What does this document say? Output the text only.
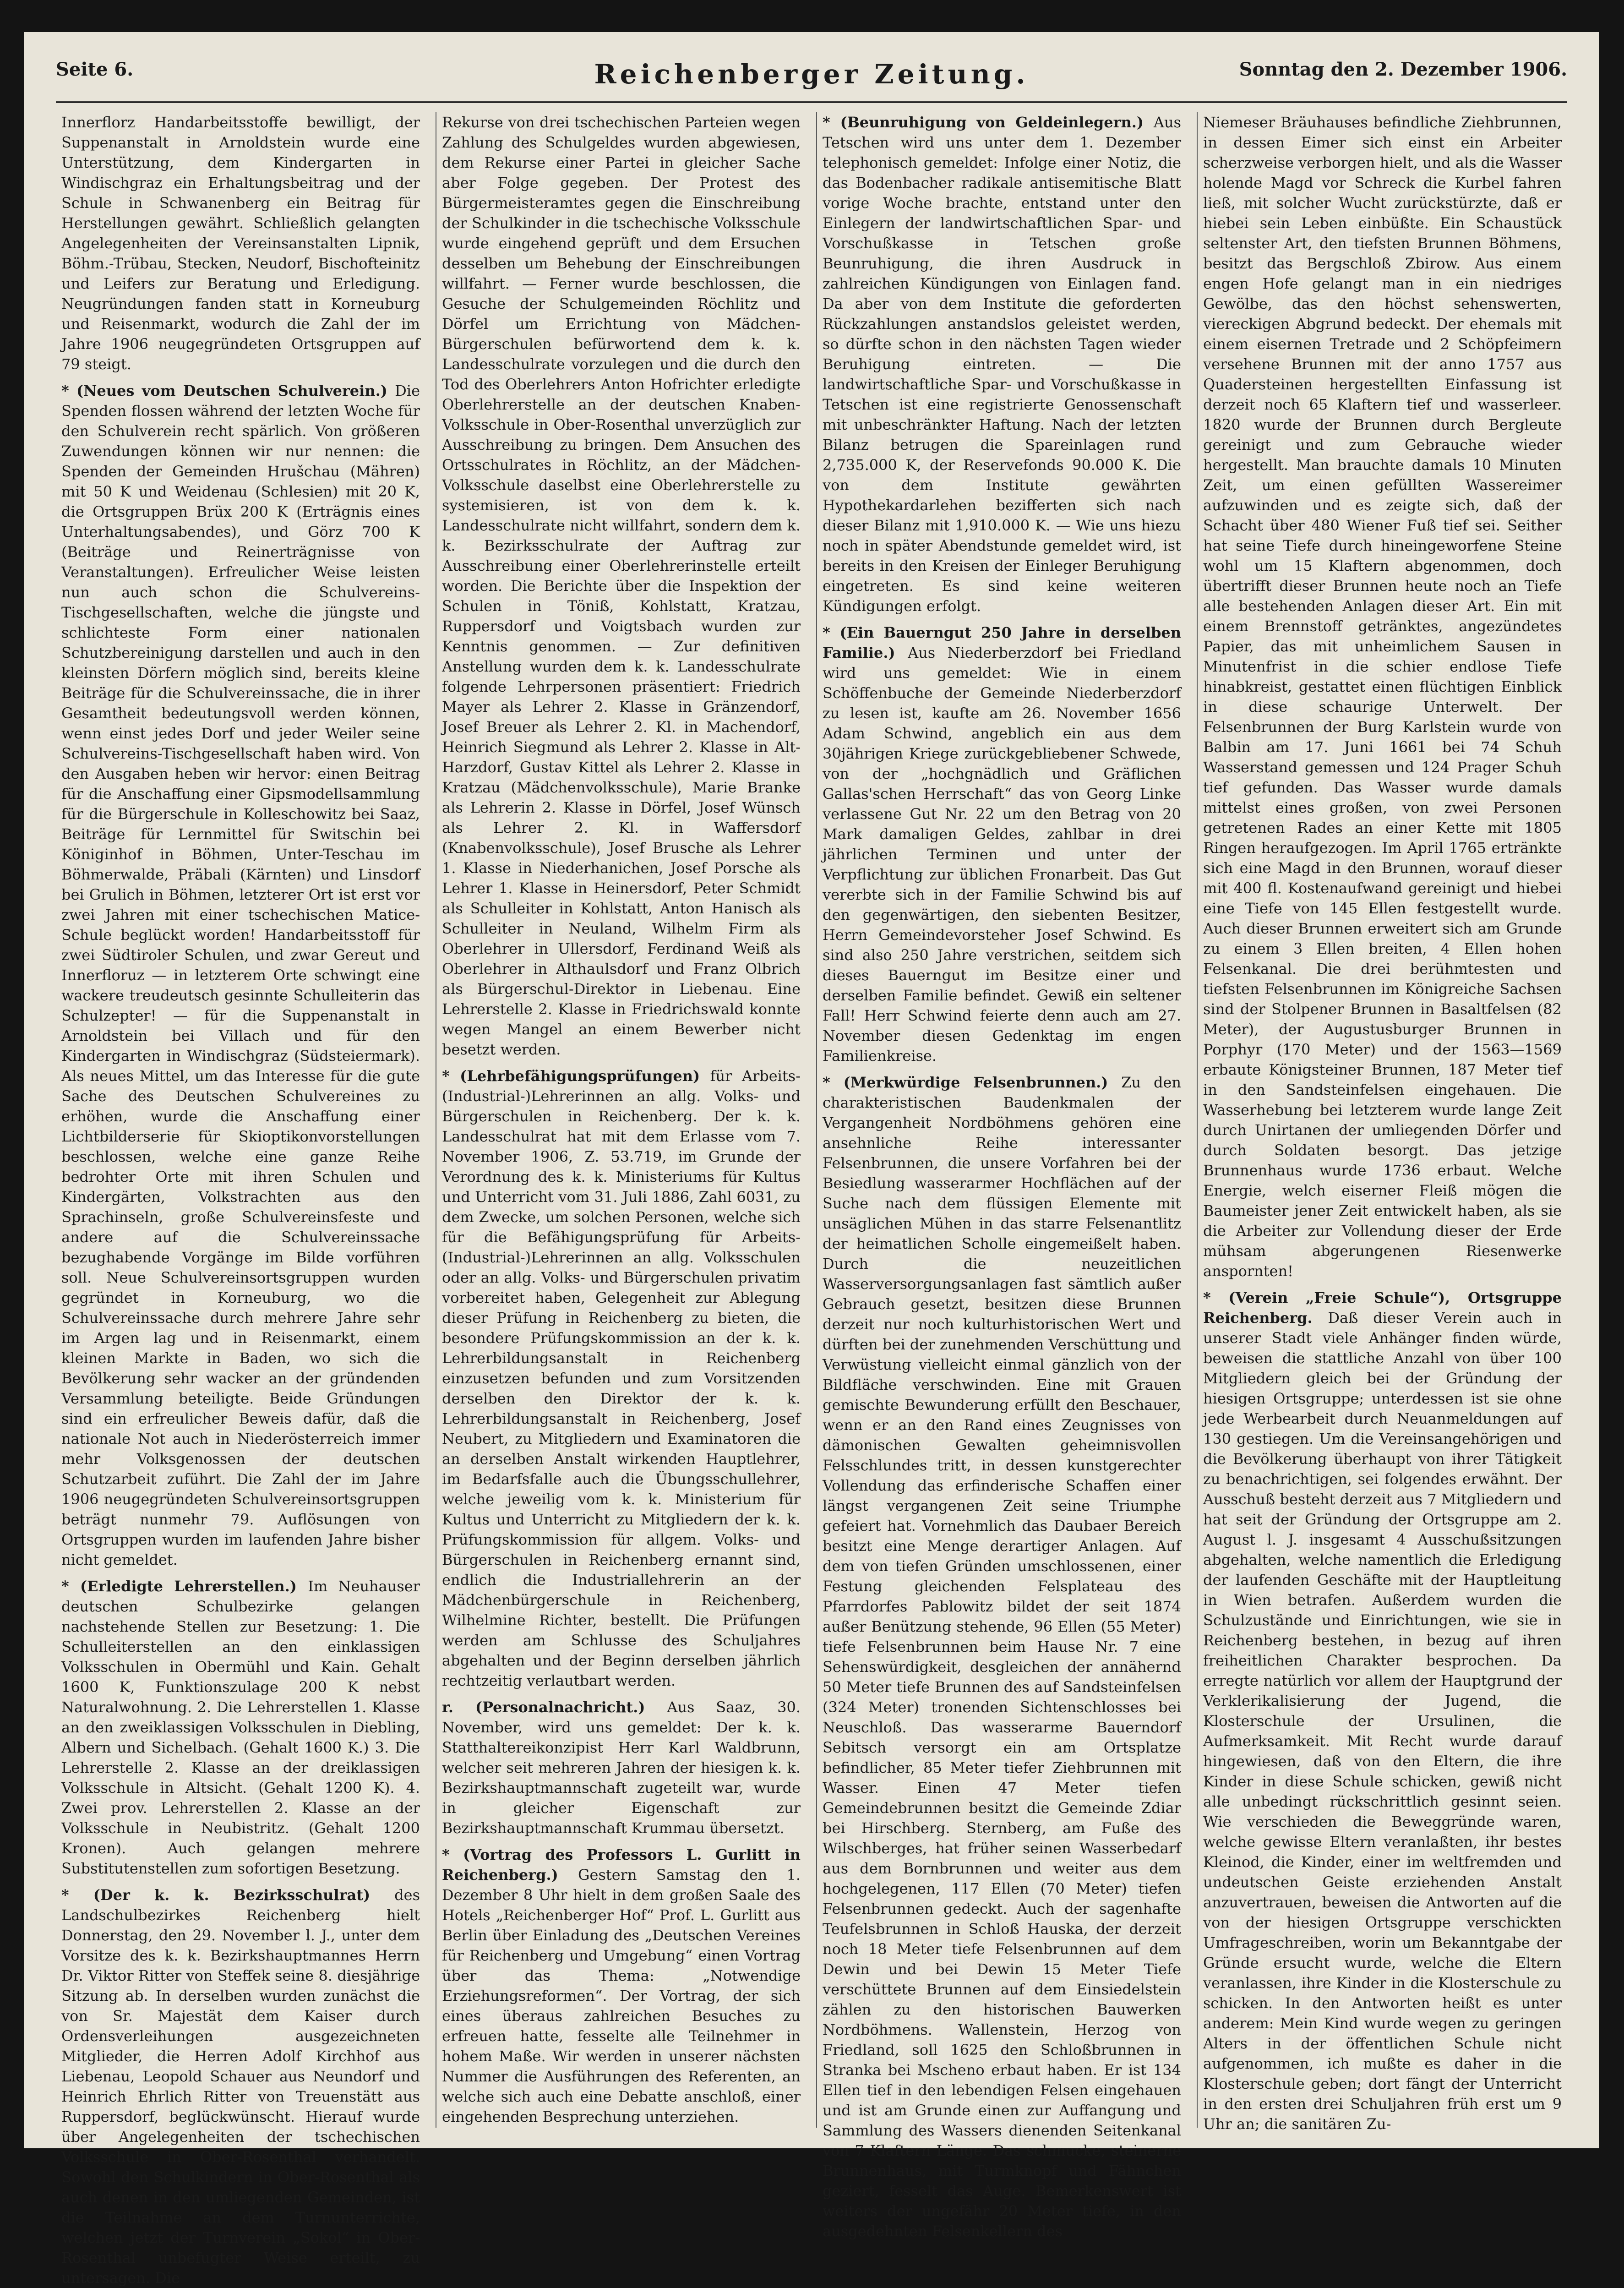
Seite 6.	Reichenberger Zeitung.	Sonntag den 2. Dezember 1906.

Innerflorz Handarbeitsstoffe bewilligt, der Suppenanstalt in Arnoldstein wurde eine Unterstützung, dem Kindergarten in Windischgraz ein Erhaltungsbeitrag und der Schule in Schwanenberg ein Beitrag für Herstellungen gewährt. Schließlich gelangten Angelegenheiten der Vereinsanstalten Lipnik, Böhm.-Trübau, Stecken, Neudorf, Bischofteinitz und Leifers zur Beratung und Erledigung. Neugründungen fanden statt in Korneuburg und Reisenmarkt, wodurch die Zahl der im Jahre 1906 neugegründeten Ortsgruppen auf 79 steigt.

* (Neues vom Deutschen Schulverein.) Die Spenden flossen während der letzten Woche für den Schulverein recht spärlich. Von größeren Zuwendungen können wir nur nennen: die Spenden der Gemeinden Hrušchau (Mähren) mit 50 K und Weidenau (Schlesien) mit 20 K, die Ortsgruppen Brüx 200 K (Erträgnis eines Unterhaltungsabendes), und Görz 700 K (Beiträge und Reinerträgnisse von Veranstaltungen). Erfreulicher Weise leisten nun auch schon die Schulvereins-Tischgesellschaften, welche die jüngste und schlichteste Form einer nationalen Schutzbereinigung darstellen und auch in den kleinsten Dörfern möglich sind, bereits kleine Beiträge für die Schulvereinssache, die in ihrer Gesamtheit bedeutungsvoll werden können, wenn einst jedes Dorf und jeder Weiler seine Schulvereins-Tischgesellschaft haben wird. Von den Ausgaben heben wir hervor: einen Beitrag für die Anschaffung einer Gipsmodellsammlung für die Bürgerschule in Kolleschowitz bei Saaz, Beiträge für Lernmittel für Switschin bei Königinhof in Böhmen, Unter-Teschau im Böhmerwalde, Präbali (Kärnten) und Linsdorf bei Grulich in Böhmen, letzterer Ort ist erst vor zwei Jahren mit einer tschechischen Matice-Schule beglückt worden! Handarbeitsstoff für zwei Südtiroler Schulen, und zwar Gereut und Innerfloruz — in letzterem Orte schwingt eine wackere treudeutsch gesinnte Schulleiterin das Schulzepter! — für die Suppenanstalt in Arnoldstein bei Villach und für den Kindergarten in Windischgraz (Südsteiermark). Als neues Mittel, um das Interesse für die gute Sache des Deutschen Schulvereines zu erhöhen, wurde die Anschaffung einer Lichtbilderserie für Skioptikonvorstellungen beschlossen, welche eine ganze Reihe bedrohter Orte mit ihren Schulen und Kindergärten, Volkstrachten aus den Sprachinseln, große Schulvereinsfeste und andere auf die Schulvereinssache bezughabende Vorgänge im Bilde vorführen soll. Neue Schulvereinsortsgruppen wurden gegründet in Korneuburg, wo die Schulvereinssache durch mehrere Jahre sehr im Argen lag und in Reisenmarkt, einem kleinen Markte in Baden, wo sich die Bevölkerung sehr wacker an der gründenden Versammlung beteiligte. Beide Gründungen sind ein erfreulicher Beweis dafür, daß die nationale Not auch in Niederösterreich immer mehr Volksgenossen der deutschen Schutzarbeit zuführt. Die Zahl der im Jahre 1906 neugegründeten Schulvereinsortsgruppen beträgt nunmehr 79. Auflösungen von Ortsgruppen wurden im laufenden Jahre bisher nicht gemeldet.

* (Erledigte Lehrerstellen.) Im Neuhauser deutschen Schulbezirke gelangen nachstehende Stellen zur Besetzung: 1. Die Schulleiterstellen an den einklassigen Volksschulen in Obermühl und Kain. Gehalt 1600 K, Funktionszulage 200 K nebst Naturalwohnung. 2. Die Lehrerstellen 1. Klasse an den zweiklassigen Volksschulen in Diebling, Albern und Sichelbach. (Gehalt 1600 K.) 3. Die Lehrerstelle 2. Klasse an der dreiklassigen Volksschule in Altsicht. (Gehalt 1200 K). 4. Zwei prov. Lehrerstellen 2. Klasse an der Volksschule in Neubistritz. (Gehalt 1200 Kronen). Auch gelangen mehrere Substitutenstellen zum sofortigen Besetzung.

* (Der k. k. Bezirksschulrat) des Landschulbezirkes Reichenberg hielt Donnerstag, den 29. November l. J., unter dem Vorsitze des k. k. Bezirkshauptmannes Herrn Dr. Viktor Ritter von Steffek seine 8. diesjährige Sitzung ab. In derselben wurden zunächst die von Sr. Majestät dem Kaiser durch Ordensverleihungen ausgezeichneten Mitglieder, die Herren Adolf Kirchhof aus Liebenau, Leopold Schauer aus Neundorf und Heinrich Ehrlich Ritter von Treuenstätt aus Ruppersdorf, beglückwünscht. Hierauf wurde über Angelegenheiten der tschechischen Volksschule in Ober-Rosenthal verhandelt. Sowohl den Schulkindern in Ober-Rosenthal als auch denen in den umliegenden Gemeinden, ist die Teilnahme an dem Turnunterrichte, welchen jetzt der Turnverein „Sokol“ in Ober-Rosenthal unbefugter Weise erteilt, zu untersagen. Die

Rekurse von drei tschechischen Parteien wegen Zahlung des Schulgeldes wurden abgewiesen, dem Rekurse einer Partei in gleicher Sache aber Folge gegeben. Der Protest des Bürgermeisteramtes gegen die Einschreibung der Schulkinder in die tschechische Volksschule wurde eingehend geprüft und dem Ersuchen desselben um Behebung der Einschreibungen willfahrt. — Ferner wurde beschlossen, die Gesuche der Schulgemeinden Röchlitz und Dörfel um Errichtung von Mädchen-Bürgerschulen befürwortend dem k. k. Landesschulrate vorzulegen und die durch den Tod des Oberlehrers Anton Hofrichter erledigte Oberlehrerstelle an der deutschen Knaben-Volksschule in Ober-Rosenthal unverzüglich zur Ausschreibung zu bringen. Dem Ansuchen des Ortsschulrates in Röchlitz, an der Mädchen-Volksschule daselbst eine Oberlehrerstelle zu systemisieren, ist von dem k. k. Landesschulrate nicht willfahrt, sondern dem k. k. Bezirksschulrate der Auftrag zur Ausschreibung einer Oberlehrerinstelle erteilt worden. Die Berichte über die Inspektion der Schulen in Töniß, Kohlstatt, Kratzau, Ruppersdorf und Voigtsbach wurden zur Kenntnis genommen. — Zur definitiven Anstellung wurden dem k. k. Landesschulrate folgende Lehrpersonen präsentiert: Friedrich Mayer als Lehrer 2. Klasse in Gränzendorf, Josef Breuer als Lehrer 2. Kl. in Machendorf, Heinrich Siegmund als Lehrer 2. Klasse in Alt-Harzdorf, Gustav Kittel als Lehrer 2. Klasse in Kratzau (Mädchenvolksschule), Marie Branke als Lehrerin 2. Klasse in Dörfel, Josef Wünsch als Lehrer 2. Kl. in Waffersdorf (Knabenvolksschule), Josef Brusche als Lehrer 1. Klasse in Niederhanichen, Josef Porsche als Lehrer 1. Klasse in Heinersdorf, Peter Schmidt als Schulleiter in Kohlstatt, Anton Hanisch als Schulleiter in Neuland, Wilhelm Firm als Oberlehrer in Ullersdorf, Ferdinand Weiß als Oberlehrer in Althaulsdorf und Franz Olbrich als Bürgerschul-Direktor in Liebenau. Eine Lehrerstelle 2. Klasse in Friedrichswald konnte wegen Mangel an einem Bewerber nicht besetzt werden.

* (Lehrbefähigungsprüfungen) für Arbeits-(Industrial-)Lehrerinnen an allg. Volks- und Bürgerschulen in Reichenberg. Der k. k. Landesschulrat hat mit dem Erlasse vom 7. November 1906, Z. 53.719, im Grunde der Verordnung des k. k. Ministeriums für Kultus und Unterricht vom 31. Juli 1886, Zahl 6031, zu dem Zwecke, um solchen Personen, welche sich für die Befähigungsprüfung für Arbeits-(Industrial-)Lehrerinnen an allg. Volksschulen oder an allg. Volks- und Bürgerschulen privatim vorbereitet haben, Gelegenheit zur Ablegung dieser Prüfung in Reichenberg zu bieten, die besondere Prüfungskommission an der k. k. Lehrerbildungsanstalt in Reichenberg einzusetzen befunden und zum Vorsitzenden derselben den Direktor der k. k. Lehrerbildungsanstalt in Reichenberg, Josef Neubert, zu Mitgliedern und Examinatoren die an derselben Anstalt wirkenden Hauptlehrer, im Bedarfsfalle auch die Übungsschullehrer, welche jeweilig vom k. k. Ministerium für Kultus und Unterricht zu Mitgliedern der k. k. Prüfungskommission für allgem. Volks- und Bürgerschulen in Reichenberg ernannt sind, endlich die Industriallehrerin an der Mädchenbürgerschule in Reichenberg, Wilhelmine Richter, bestellt. Die Prüfungen werden am Schlusse des Schuljahres abgehalten und der Beginn derselben jährlich rechtzeitig verlautbart werden.

r. (Personalnachricht.) Aus Saaz, 30. November, wird uns gemeldet: Der k. k. Statthaltereikonzipist Herr Karl Waldbrunn, welcher seit mehreren Jahren der hiesigen k. k. Bezirkshauptmannschaft zugeteilt war, wurde in gleicher Eigenschaft zur Bezirkshauptmannschaft Krummau übersetzt.

* (Vortrag des Professors L. Gurlitt in Reichenberg.) Gestern Samstag den 1. Dezember 8 Uhr hielt in dem großen Saale des Hotels „Reichenberger Hof“ Prof. L. Gurlitt aus Berlin über Einladung des „Deutschen Vereines für Reichenberg und Umgebung“ einen Vortrag über das Thema: „Notwendige Erziehungsreformen“. Der Vortrag, der sich eines überaus zahlreichen Besuches zu erfreuen hatte, fesselte alle Teilnehmer in hohem Maße. Wir werden in unserer nächsten Nummer die Ausführungen des Referenten, an welche sich auch eine Debatte anschloß, einer eingehenden Besprechung unterziehen.

* (Beunruhigung von Geldeinlegern.) Aus Tetschen wird uns unter dem 1. Dezember telephonisch gemeldet: Infolge einer Notiz, die das Bodenbacher radikale antisemitische Blatt vorige Woche brachte, entstand unter den Einlegern der landwirtschaftlichen Spar- und Vorschußkasse in Tetschen große Beunruhigung, die ihren Ausdruck in zahlreichen Kündigungen von Einlagen fand. Da aber von dem Institute die geforderten Rückzahlungen anstandslos geleistet werden, so dürfte schon in den nächsten Tagen wieder Beruhigung eintreten. — Die landwirtschaftliche Spar- und Vorschußkasse in Tetschen ist eine registrierte Genossenschaft mit unbeschränkter Haftung. Nach der letzten Bilanz betrugen die Spareinlagen rund 2,735.000 K, der Reservefonds 90.000 K. Die von dem Institute gewährten Hypothekardarlehen bezifferten sich nach dieser Bilanz mit 1,910.000 K. — Wie uns hiezu noch in später Abendstunde gemeldet wird, ist bereits in den Kreisen der Einleger Beruhigung eingetreten. Es sind keine weiteren Kündigungen erfolgt.

* (Ein Bauerngut 250 Jahre in derselben Familie.) Aus Niederberzdorf bei Friedland wird uns gemeldet: Wie in einem Schöffenbuche der Gemeinde Niederberzdorf zu lesen ist, kaufte am 26. November 1656 Adam Schwind, angeblich ein aus dem 30jährigen Kriege zurückgebliebener Schwede, von der „hochgnädlich und Gräflichen Gallas'schen Herrschaft“ das von Georg Linke verlassene Gut Nr. 22 um den Betrag von 20 Mark damaligen Geldes, zahlbar in drei jährlichen Terminen und unter der Verpflichtung zur üblichen Fronarbeit. Das Gut vererbte sich in der Familie Schwind bis auf den gegenwärtigen, den siebenten Besitzer, Herrn Gemeindevorsteher Josef Schwind. Es sind also 250 Jahre verstrichen, seitdem sich dieses Bauerngut im Besitze einer und derselben Familie befindet. Gewiß ein seltener Fall! Herr Schwind feierte denn auch am 27. November diesen Gedenktag im engen Familienkreise.

* (Merkwürdige Felsenbrunnen.) Zu den charakteristischen Baudenkmalen der Vergangenheit Nordböhmens gehören eine ansehnliche Reihe interessanter Felsenbrunnen, die unsere Vorfahren bei der Besiedlung wasserarmer Hochflächen auf der Suche nach dem flüssigen Elemente mit unsäglichen Mühen in das starre Felsenantlitz der heimatlichen Scholle eingemeißelt haben. Durch die neuzeitlichen Wasserversorgungsanlagen fast sämtlich außer Gebrauch gesetzt, besitzen diese Brunnen derzeit nur noch kulturhistorischen Wert und dürften bei der zunehmenden Verschüttung und Verwüstung vielleicht einmal gänzlich von der Bildfläche verschwinden. Eine mit Grauen gemischte Bewunderung erfüllt den Beschauer, wenn er an den Rand eines Zeugnisses von dämonischen Gewalten geheimnisvollen Felsschlundes tritt, in dessen kunstgerechter Vollendung das erfinderische Schaffen einer längst vergangenen Zeit seine Triumphe gefeiert hat. Vornehmlich das Daubaer Bereich besitzt eine Menge derartiger Anlagen. Auf dem von tiefen Gründen umschlossenen, einer Festung gleichenden Felsplateau des Pfarrdorfes Pablowitz bildet der seit 1874 außer Benützung stehende, 96 Ellen (55 Meter) tiefe Felsenbrunnen beim Hause Nr. 7 eine Sehenswürdigkeit, desgleichen der annähernd 50 Meter tiefe Brunnen des auf Sandsteinfelsen (324 Meter) tronenden Sichtenschlosses bei Neuschloß. Das wasserarme Bauerndorf Sebitsch versorgt ein am Ortsplatze befindlicher, 85 Meter tiefer Ziehbrunnen mit Wasser. Einen 47 Meter tiefen Gemeindebrunnen besitzt die Gemeinde Zdiar bei Hirschberg. Sternberg, am Fuße des Wilschberges, hat früher seinen Wasserbedarf aus dem Bornbrunnen und weiter aus dem hochgelegenen, 117 Ellen (70 Meter) tiefen Felsenbrunnen gedeckt. Auch der sagenhafte Teufelsbrunnen in Schloß Hauska, der derzeit noch 18 Meter tiefe Felsenbrunnen auf dem Dewin und bei Dewin 15 Meter Tiefe verschüttete Brunnen auf dem Einsiedelstein zählen zu den historischen Bauwerken Nordböhmens. Wallenstein, Herzog von Friedland, soll 1625 den Schloßbrunnen in Stranka bei Mscheno erbaut haben. Er ist 134 Ellen tief in den lebendigen Felsen eingehauen und ist am Grunde einen zur Auffangung und Sammlung des Wassers dienenden Seitenkanal von 7 Klaftern Länge. Das schmucke, steinerne Brunnenhaus, mit Turmknopf und Fähnchen geziert, fesselt das Auge. Bemerkenswert ist weiters der ungefähr 20 Meter tiefe, in den ausgedehnten Felsenkellern des

Niemeser Bräuhauses befindliche Ziehbrunnen, in dessen Eimer sich einst ein Arbeiter scherzweise verborgen hielt, und als die Wasser holende Magd vor Schreck die Kurbel fahren ließ, mit solcher Wucht zurückstürzte, daß er hiebei sein Leben einbüßte. Ein Schaustück seltenster Art, den tiefsten Brunnen Böhmens, besitzt das Bergschloß Zbirow. Aus einem engen Hofe gelangt man in ein niedriges Gewölbe, das den höchst sehenswerten, viereckigen Abgrund bedeckt. Der ehemals mit einem eisernen Tretrade und 2 Schöpfeimern versehene Brunnen mit der anno 1757 aus Quadersteinen hergestellten Einfassung ist derzeit noch 65 Klaftern tief und wasserleer. 1820 wurde der Brunnen durch Bergleute gereinigt und zum Gebrauche wieder hergestellt. Man brauchte damals 10 Minuten Zeit, um einen gefüllten Wassereimer aufzuwinden und es zeigte sich, daß der Schacht über 480 Wiener Fuß tief sei. Seither hat seine Tiefe durch hineingeworfene Steine wohl um 15 Klaftern abgenommen, doch übertrifft dieser Brunnen heute noch an Tiefe alle bestehenden Anlagen dieser Art. Ein mit einem Brennstoff getränktes, angezündetes Papier, das mit unheimlichem Sausen in Minutenfrist in die schier endlose Tiefe hinabkreist, gestattet einen flüchtigen Einblick in diese schaurige Unterwelt. Der Felsenbrunnen der Burg Karlstein wurde von Balbin am 17. Juni 1661 bei 74 Schuh Wasserstand gemessen und 124 Prager Schuh tief gefunden. Das Wasser wurde damals mittelst eines großen, von zwei Personen getretenen Rades an einer Kette mit 1805 Ringen heraufgezogen. Im April 1765 ertränkte sich eine Magd in den Brunnen, worauf dieser mit 400 fl. Kostenaufwand gereinigt und hiebei eine Tiefe von 145 Ellen festgestellt wurde. Auch dieser Brunnen erweitert sich am Grunde zu einem 3 Ellen breiten, 4 Ellen hohen Felsenkanal. Die drei berühmtesten und tiefsten Felsenbrunnen im Königreiche Sachsen sind der Stolpener Brunnen in Basaltfelsen (82 Meter), der Augustusburger Brunnen in Porphyr (170 Meter) und der 1563—1569 erbaute Königsteiner Brunnen, 187 Meter tief in den Sandsteinfelsen eingehauen. Die Wasserhebung bei letzterem wurde lange Zeit durch Unirtanen der umliegenden Dörfer und durch Soldaten besorgt. Das jetzige Brunnenhaus wurde 1736 erbaut. Welche Energie, welch eiserner Fleiß mögen die Baumeister jener Zeit entwickelt haben, als sie die Arbeiter zur Vollendung dieser der Erde mühsam abgerungenen Riesenwerke anspornten!

* (Verein „Freie Schule“), Ortsgruppe Reichenberg. Daß dieser Verein auch in unserer Stadt viele Anhänger finden würde, beweisen die stattliche Anzahl von über 100 Mitgliedern gleich bei der Gründung der hiesigen Ortsgruppe; unterdessen ist sie ohne jede Werbearbeit durch Neuanmeldungen auf 130 gestiegen. Um die Vereinsangehörigen und die Bevölkerung überhaupt von ihrer Tätigkeit zu benachrichtigen, sei folgendes erwähnt. Der Ausschuß besteht derzeit aus 7 Mitgliedern und hat seit der Gründung der Ortsgruppe am 2. August l. J. insgesamt 4 Ausschußsitzungen abgehalten, welche namentlich die Erledigung der laufenden Geschäfte mit der Hauptleitung in Wien betrafen. Außerdem wurden die Schulzustände und Einrichtungen, wie sie in Reichenberg bestehen, in bezug auf ihren freiheitlichen Charakter besprochen. Da erregte natürlich vor allem der Hauptgrund der Verklerikalisierung der Jugend, die Klosterschule der Ursulinen, die Aufmerksamkeit. Mit Recht wurde darauf hingewiesen, daß von den Eltern, die ihre Kinder in diese Schule schicken, gewiß nicht alle unbedingt rückschrittlich gesinnt seien. Wie verschieden die Beweggründe waren, welche gewisse Eltern veranlaßten, ihr bestes Kleinod, die Kinder, einer im weltfremden und undeutschen Geiste erziehenden Anstalt anzuvertrauen, beweisen die Antworten auf die von der hiesigen Ortsgruppe verschickten Umfrageschreiben, worin um Bekanntgabe der Gründe ersucht wurde, welche die Eltern veranlassen, ihre Kinder in die Klosterschule zu schicken. In den Antworten heißt es unter anderem: Mein Kind wurde wegen zu geringen Alters in der öffentlichen Schule nicht aufgenommen, ich mußte es daher in die Klosterschule geben; dort fängt der Unterricht in den ersten drei Schuljahren früh erst um 9 Uhr an; die sanitären Zu-
